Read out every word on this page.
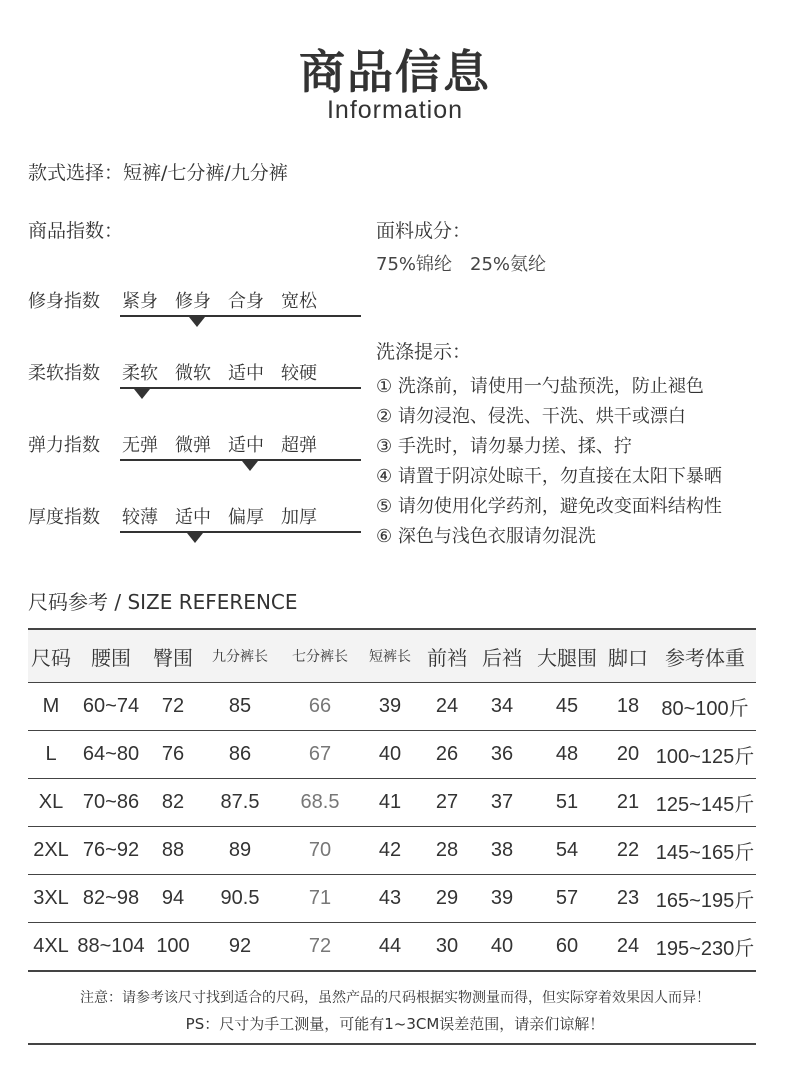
商品信息
Information
款式选择：短裤/七分裤/九分裤
商品指数：
修身指数 紧身 修身 合身 宽松
柔软指数 柔软 微软 适中 较硬
弹力指数 无弹 微弹 适中 超弹
厚度指数 较薄 适中 偏厚 加厚
面料成分：
75%锦纶　25%氨纶
洗涤提示：
① 洗涤前，请使用一勺盐预洗，防止褪色
② 请勿浸泡、侵洗、干洗、烘干或漂白
③ 手洗时，请勿暴力搓、揉、拧
④ 请置于阴凉处晾干，勿直接在太阳下暴晒
⑤ 请勿使用化学药剂，避免改变面料结构性
⑥ 深色与浅色衣服请勿混洗
尺码参考 / SIZE REFERENCE
尺码	腰围	臀围	九分裤长	七分裤长	短裤长	前裆	后裆	大腿围	脚口	参考体重
M	60~74	72	85	66	39	24	34	45	18	80~100斤
L	64~80	76	86	67	40	26	36	48	20	100~125斤
XL	70~86	82	87.5	68.5	41	27	37	51	21	125~145斤
2XL	76~92	88	89	70	42	28	38	54	22	145~165斤
3XL	82~98	94	90.5	71	43	29	39	57	23	165~195斤
4XL	88~104	100	92	72	44	30	40	60	24	195~230斤
注意：请参考该尺寸找到适合的尺码，虽然产品的尺码根据实物测量而得，但实际穿着效果因人而异！
PS：尺寸为手工测量，可能有1~3CM误差范围，请亲们谅解！
